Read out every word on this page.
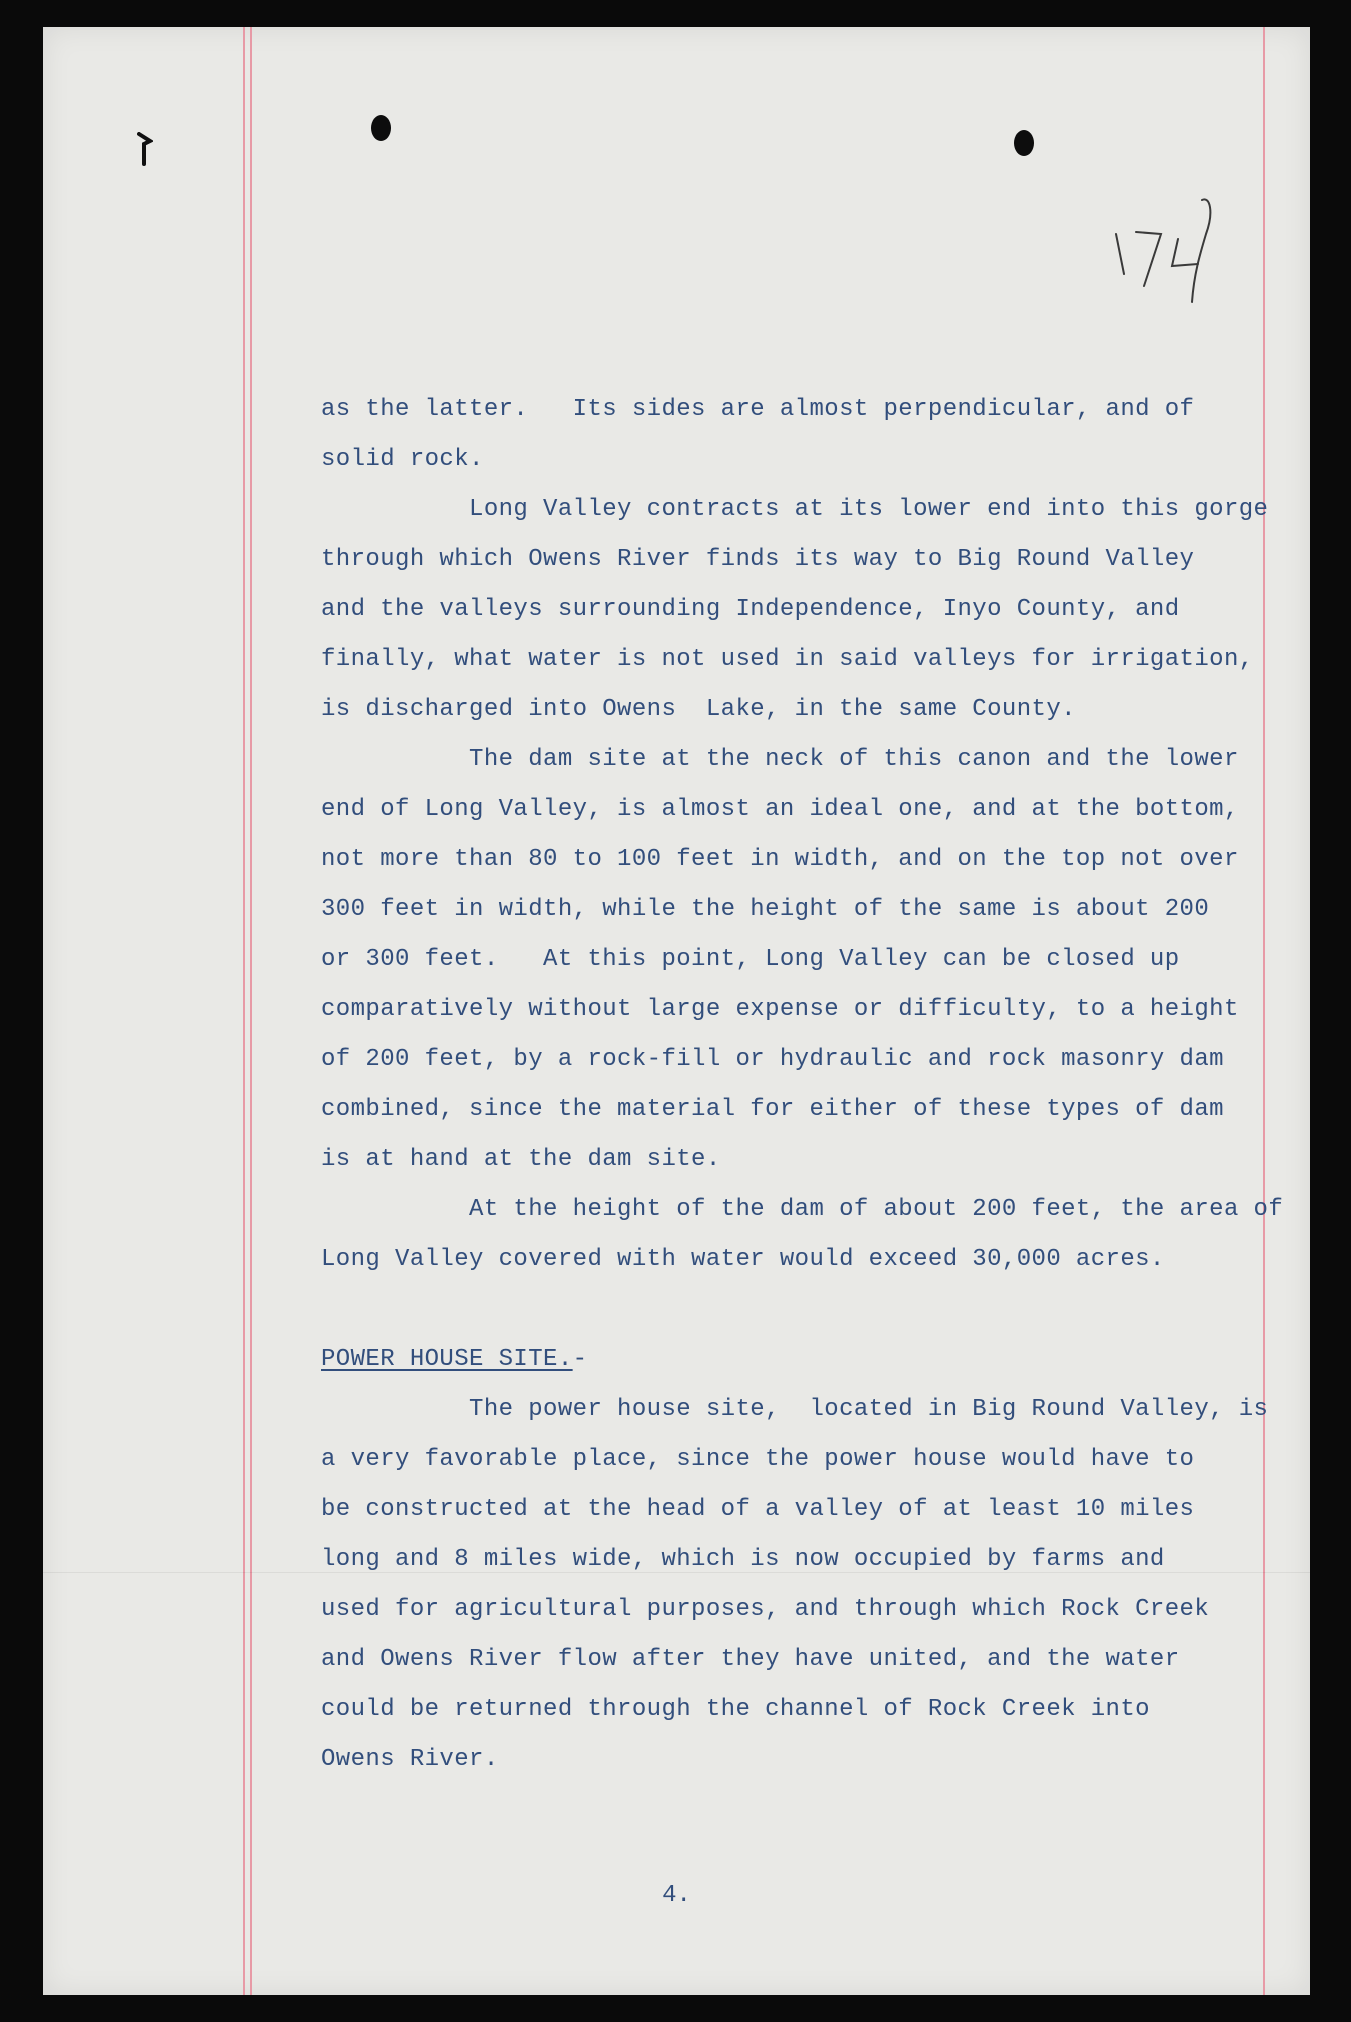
as the latter.   Its sides are almost perpendicular, and of
solid rock.
Long Valley contracts at its lower end into this gorge
through which Owens River finds its way to Big Round Valley
and the valleys surrounding Independence, Inyo County, and
finally, what water is not used in said valleys for irrigation,
is discharged into Owens  Lake, in the same County.
The dam site at the neck of this canon and the lower
end of Long Valley, is almost an ideal one, and at the bottom,
not more than 80 to 100 feet in width, and on the top not over
300 feet in width, while the height of the same is about 200
or 300 feet.   At this point, Long Valley can be closed up
comparatively without large expense or difficulty, to a height
of 200 feet, by a rock-fill or hydraulic and rock masonry dam
combined, since the material for either of these types of dam
is at hand at the dam site.
At the height of the dam of about 200 feet, the area of
Long Valley covered with water would exceed 30,000 acres.
POWER HOUSE SITE.-
The power house site,  located in Big Round Valley, is
a very favorable place, since the power house would have to
be constructed at the head of a valley of at least 10 miles
long and 8 miles wide, which is now occupied by farms and
used for agricultural purposes, and through which Rock Creek
and Owens River flow after they have united, and the water
could be returned through the channel of Rock Creek into
Owens River.
4.
